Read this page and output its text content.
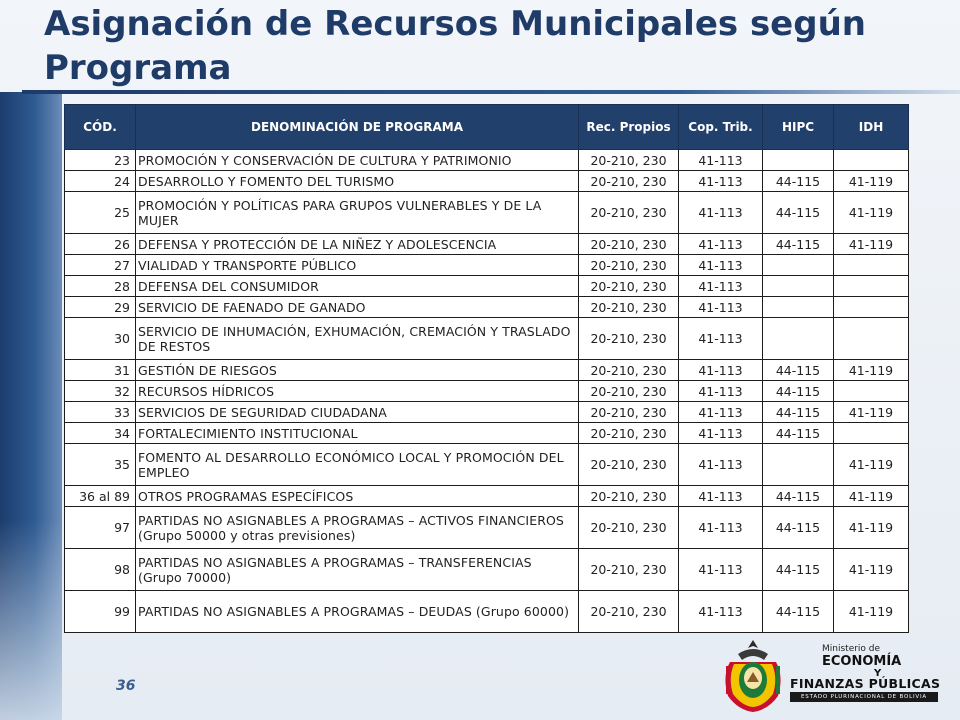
Asignación de Recursos Municipales según Programa
CÓD.	DENOMINACIÓN DE PROGRAMA	Rec. Propios	Cop. Trib.	HIPC	IDH
23	PROMOCIÓN Y CONSERVACIÓN DE CULTURA Y PATRIMONIO	20-210, 230	41-113		
24	DESARROLLO Y FOMENTO DEL TURISMO	20-210, 230	41-113	44-115	41-119
25	PROMOCIÓN Y POLÍTICAS PARA GRUPOS VULNERABLES Y DE LA MUJER	20-210, 230	41-113	44-115	41-119
26	DEFENSA Y PROTECCIÓN DE LA NIÑEZ Y ADOLESCENCIA	20-210, 230	41-113	44-115	41-119
27	VIALIDAD Y TRANSPORTE PÚBLICO	20-210, 230	41-113		
28	DEFENSA DEL CONSUMIDOR	20-210, 230	41-113		
29	SERVICIO DE FAENADO DE GANADO	20-210, 230	41-113		
30	SERVICIO DE INHUMACIÓN, EXHUMACIÓN, CREMACIÓN Y TRASLADO DE RESTOS	20-210, 230	41-113		
31	GESTIÓN DE RIESGOS	20-210, 230	41-113	44-115	41-119
32	RECURSOS HÍDRICOS	20-210, 230	41-113	44-115	
33	SERVICIOS DE SEGURIDAD CIUDADANA	20-210, 230	41-113	44-115	41-119
34	FORTALECIMIENTO INSTITUCIONAL	20-210, 230	41-113	44-115	
35	FOMENTO AL DESARROLLO ECONÓMICO LOCAL Y PROMOCIÓN DEL EMPLEO	20-210, 230	41-113		41-119
36 al 89	OTROS PROGRAMAS ESPECÍFICOS	20-210, 230	41-113	44-115	41-119
97	PARTIDAS NO ASIGNABLES A PROGRAMAS – ACTIVOS FINANCIEROS (Grupo 50000 y otras previsiones)	20-210, 230	41-113	44-115	41-119
98	PARTIDAS NO ASIGNABLES A PROGRAMAS – TRANSFERENCIAS (Grupo 70000)	20-210, 230	41-113	44-115	41-119
99	PARTIDAS NO ASIGNABLES A PROGRAMAS – DEUDAS (Grupo 60000)	20-210, 230	41-113	44-115	41-119
36
Ministerio de
ECONOMÍA
Y
FINANZAS PÚBLICAS
ESTADO PLURINACIONAL DE BOLIVIA
